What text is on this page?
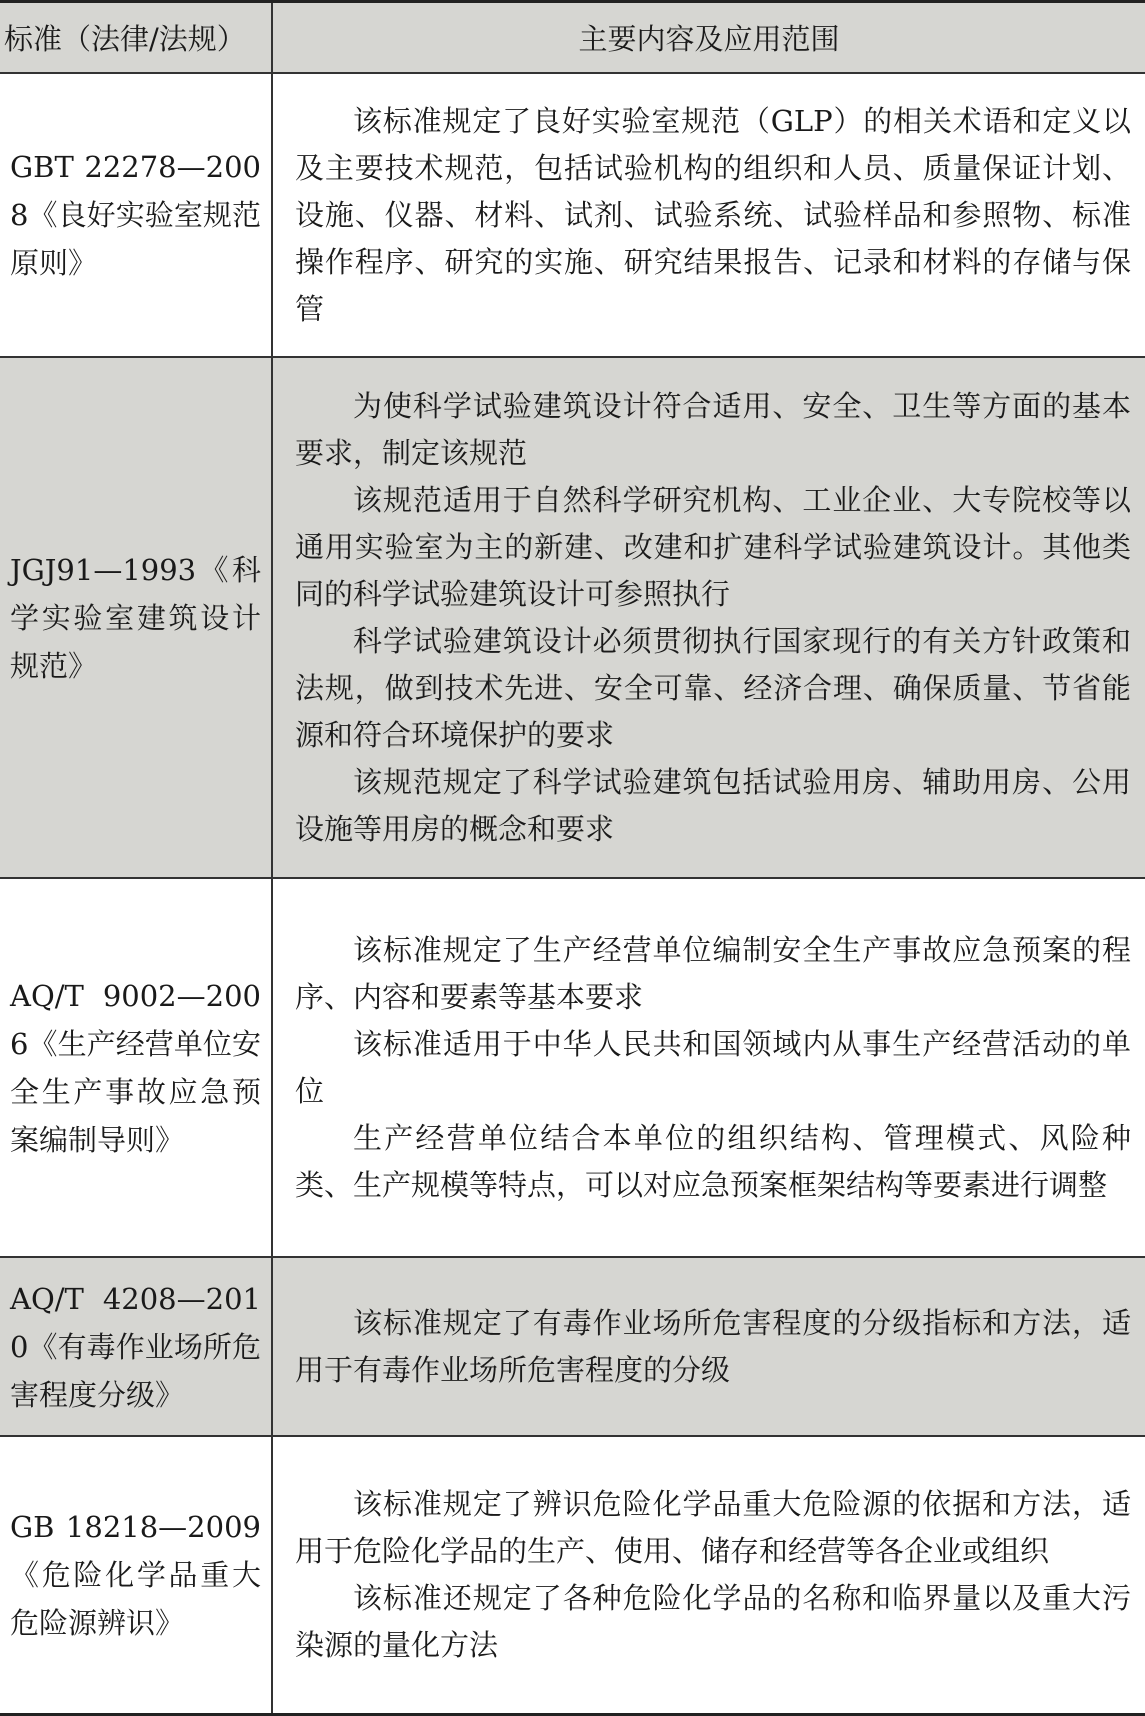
标准（法律/法规）	主要内容及应用范围

GBT 22278—2008《良好实验室规范原则》	该标准规定了良好实验室规范（GLP）的相关术语和定义以及主要技术规范，包括试验机构的组织和人员、质量保证计划、设施、仪器、材料、试剂、试验系统、试验样品和参照物、标准操作程序、研究的实施、研究结果报告、记录和材料的存储与保管

JGJ91—1993《科学实验室建筑设计规范》	为使科学试验建筑设计符合适用、安全、卫生等方面的基本要求，制定该规范

该规范适用于自然科学研究机构、工业企业、大专院校等以通用实验室为主的新建、改建和扩建科学试验建筑设计。其他类同的科学试验建筑设计可参照执行

科学试验建筑设计必须贯彻执行国家现行的有关方针政策和法规，做到技术先进、安全可靠、经济合理、确保质量、节省能源和符合环境保护的要求

该规范规定了科学试验建筑包括试验用房、辅助用房、公用设施等用房的概念和要求

AQ/T 9002—2006《生产经营单位安全生产事故应急预案编制导则》	该标准规定了生产经营单位编制安全生产事故应急预案的程序、内容和要素等基本要求

该标准适用于中华人民共和国领域内从事生产经营活动的单位

生产经营单位结合本单位的组织结构、管理模式、风险种类、生产规模等特点，可以对应急预案框架结构等要素进行调整

AQ/T 4208—2010《有毒作业场所危害程度分级》	该标准规定了有毒作业场所危害程度的分级指标和方法，适用于有毒作业场所危害程度的分级

GB 18218—2009《危险化学品重大危险源辨识》	该标准规定了辨识危险化学品重大危险源的依据和方法，适用于危险化学品的生产、使用、储存和经营等各企业或组织

该标准还规定了各种危险化学品的名称和临界量以及重大污染源的量化方法
